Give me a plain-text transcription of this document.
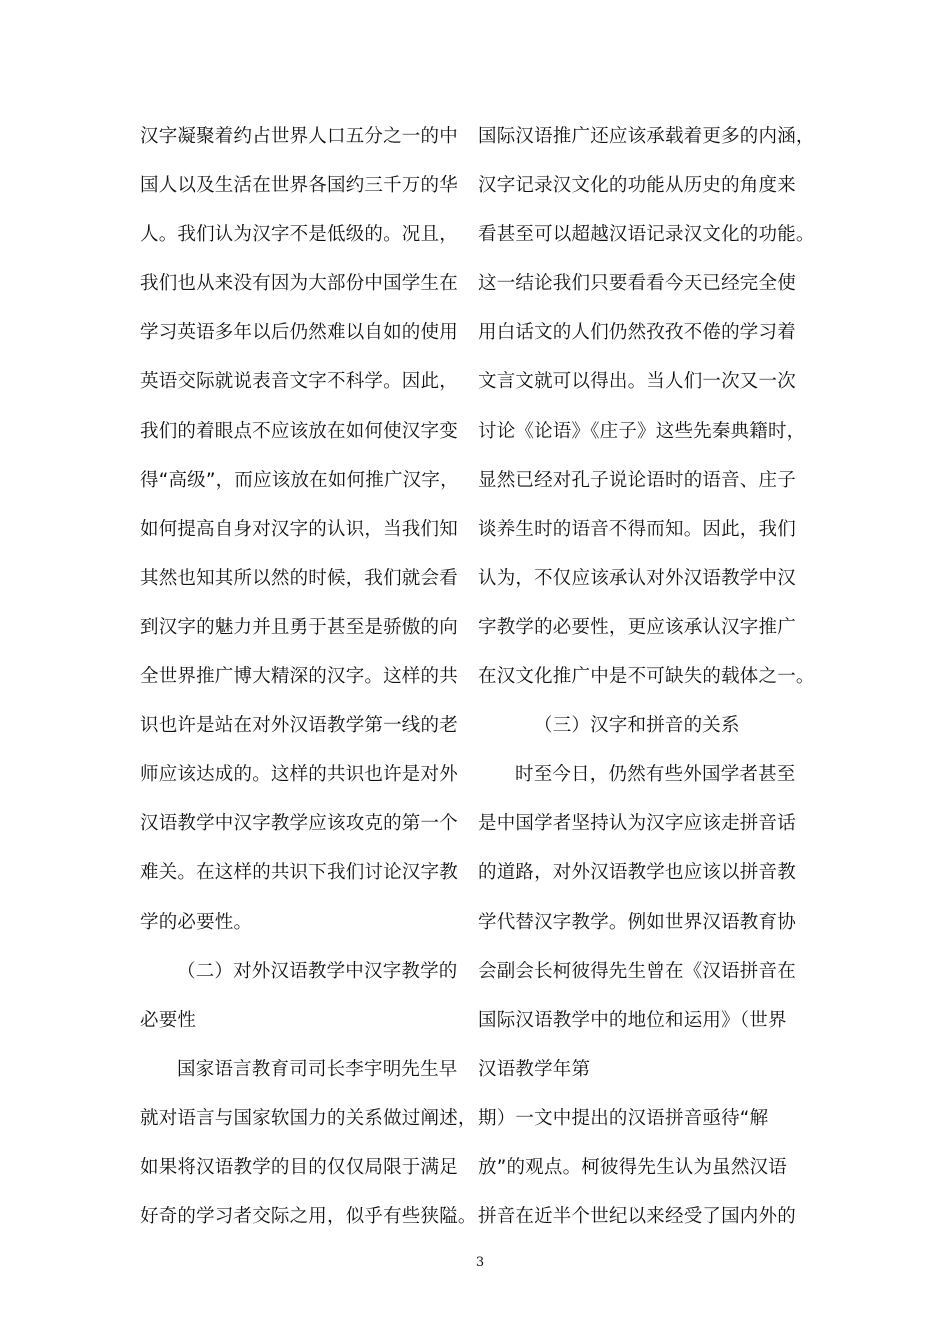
汉字凝聚着约占世界人口五分之一的中
国人以及生活在世界各国约三千万的华
人。我们认为汉字不是低级的。况且，
我们也从来没有因为大部份中国学生在
学习英语多年以后仍然难以自如的使用
英语交际就说表音文字不科学。因此，
我们的着眼点不应该放在如何使汉字变
得“高级”，而应该放在如何推广汉字，
如何提高自身对汉字的认识，当我们知
其然也知其所以然的时候，我们就会看
到汉字的魅力并且勇于甚至是骄傲的向
全世界推广博大精深的汉字。这样的共
识也许是站在对外汉语教学第一线的老
师应该达成的。这样的共识也许是对外
汉语教学中汉字教学应该攻克的第一个
难关。在这样的共识下我们讨论汉字教
学的必要性。
（二）对外汉语教学中汉字教学的
必要性
国家语言教育司司长李宇明先生早
就对语言与国家软国力的关系做过阐述，
如果将汉语教学的目的仅仅局限于满足
好奇的学习者交际之用，似乎有些狭隘。
国际汉语推广还应该承载着更多的内涵，
汉字记录汉文化的功能从历史的角度来
看甚至可以超越汉语记录汉文化的功能。
这一结论我们只要看看今天已经完全使
用白话文的人们仍然孜孜不倦的学习着
文言文就可以得出。当人们一次又一次
讨论《论语》《庄子》这些先秦典籍时，
显然已经对孔子说论语时的语音、庄子
谈养生时的语音不得而知。因此，我们
认为，不仅应该承认对外汉语教学中汉
字教学的必要性，更应该承认汉字推广
在汉文化推广中是不可缺失的载体之一。
（三）汉字和拼音的关系
时至今日，仍然有些外国学者甚至
是中国学者坚持认为汉字应该走拼音话
的道路，对外汉语教学也应该以拼音教
学代替汉字教学。例如世界汉语教育协
会副会长柯彼得先生曾在《汉语拼音在
国际汉语教学中的地位和运用》（世界
汉语教学年第
期）一文中提出的汉语拼音亟待“解
放”的观点。柯彼得先生认为虽然汉语
拼音在近半个世纪以来经受了国内外的
3
